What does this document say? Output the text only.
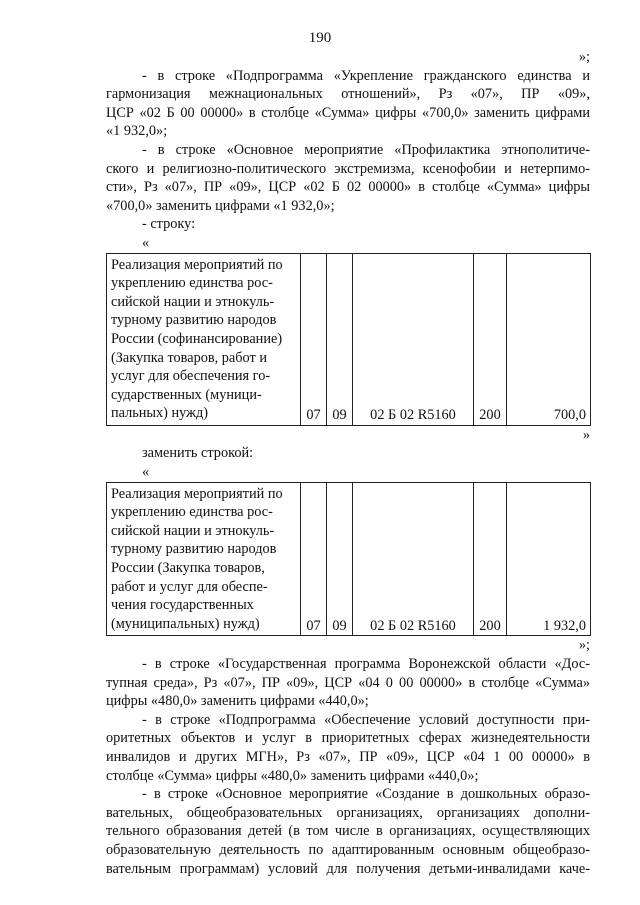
190
»;
- в строке «Подпрограмма «Укрепление гражданского единства и
гармонизация межнациональных отношений», Рз «07», ПР «09»,
ЦСР «02 Б 00 00000» в столбце «Сумма» цифры «700,0» заменить цифрами
«1 932,0»;
- в строке «Основное мероприятие «Профилактика этнополитиче-
ского и религиозно-политического экстремизма, ксенофобии и нетерпимо-
сти», Рз «07», ПР «09», ЦСР «02 Б 02 00000» в столбце «Сумма» цифры
«700,0» заменить цифрами «1 932,0»;
- строку:
«
Реализация мероприятий по
укреплению единства рос-
сийской нации и этнокуль-
турному развитию народов
России (софинансирование)
(Закупка товаров, работ и
услуг для обеспечения го-
сударственных (муници-
пальных) нужд)	07	09	02 Б 02 R5160	200	700,0
»
заменить строкой:
«
Реализация мероприятий по
укреплению единства рос-
сийской нации и этнокуль-
турному развитию народов
России (Закупка товаров,
работ и услуг для обеспе-
чения государственных
(муниципальных) нужд)	07	09	02 Б 02 R5160	200	1 932,0
»;
- в строке «Государственная программа Воронежской области «Дос-
тупная среда», Рз «07», ПР «09», ЦСР «04 0 00 00000» в столбце «Сумма»
цифры «480,0» заменить цифрами «440,0»;
- в строке «Подпрограмма «Обеспечение условий доступности при-
оритетных объектов и услуг в приоритетных сферах жизнедеятельности
инвалидов и других МГН», Рз «07», ПР «09», ЦСР «04 1 00 00000» в
столбце «Сумма» цифры «480,0» заменить цифрами «440,0»;
- в строке «Основное мероприятие «Создание в дошкольных образо-
вательных, общеобразовательных организациях, организациях дополни-
тельного образования детей (в том числе в организациях, осуществляющих
образовательную деятельность по адаптированным основным общеобразо-
вательным программам) условий для получения детьми-инвалидами каче-
